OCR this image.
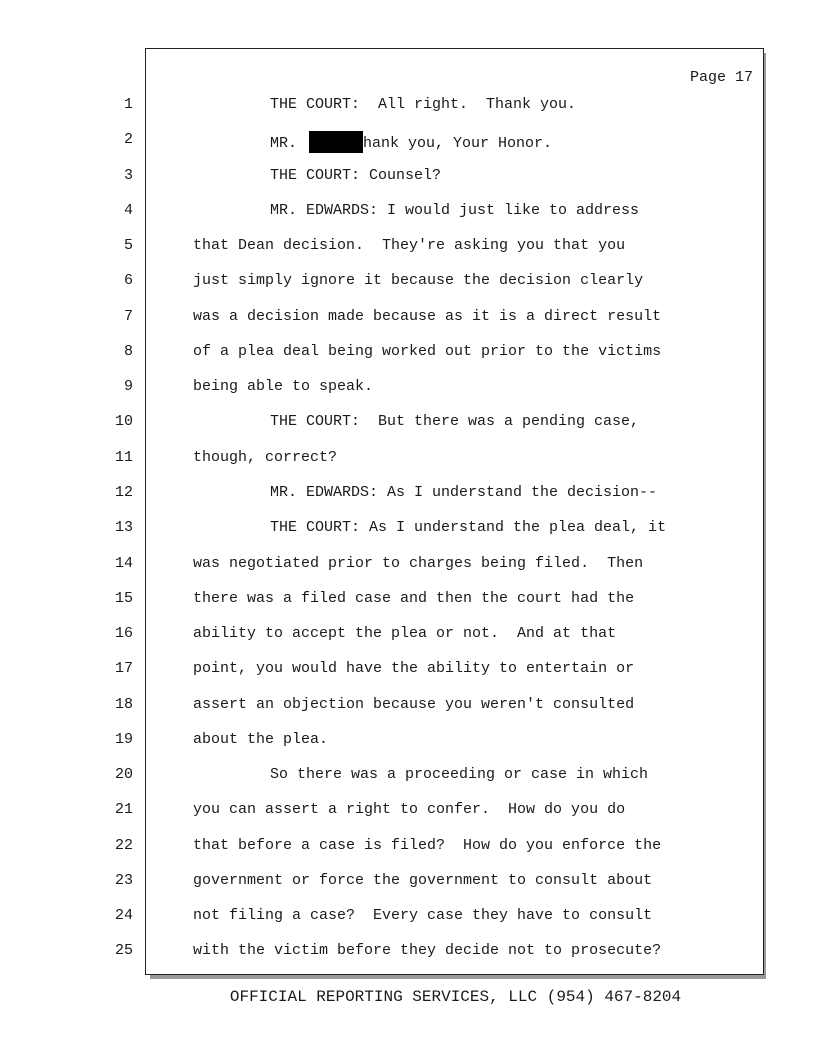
Page 17
1
2
3
4
5
6
7
8
9
10
11
12
13
14
15
16
17
18
19
20
21
22
23
24
25
THE COURT:  All right.  Thank you.
MR.	hank you, Your Honor.
THE COURT: Counsel?
MR. EDWARDS: I would just like to address
that Dean decision.  They're asking you that you
just simply ignore it because the decision clearly
was a decision made because as it is a direct result
of a plea deal being worked out prior to the victims
being able to speak.
THE COURT:  But there was a pending case,
though, correct?
MR. EDWARDS: As I understand the decision--
THE COURT: As I understand the plea deal, it
was negotiated prior to charges being filed.  Then
there was a filed case and then the court had the
ability to accept the plea or not.  And at that
point, you would have the ability to entertain or
assert an objection because you weren't consulted
about the plea.
So there was a proceeding or case in which
you can assert a right to confer.  How do you do
that before a case is filed?  How do you enforce the
government or force the government to consult about
not filing a case?  Every case they have to consult
with the victim before they decide not to prosecute?
OFFICIAL REPORTING SERVICES, LLC (954) 467-8204
